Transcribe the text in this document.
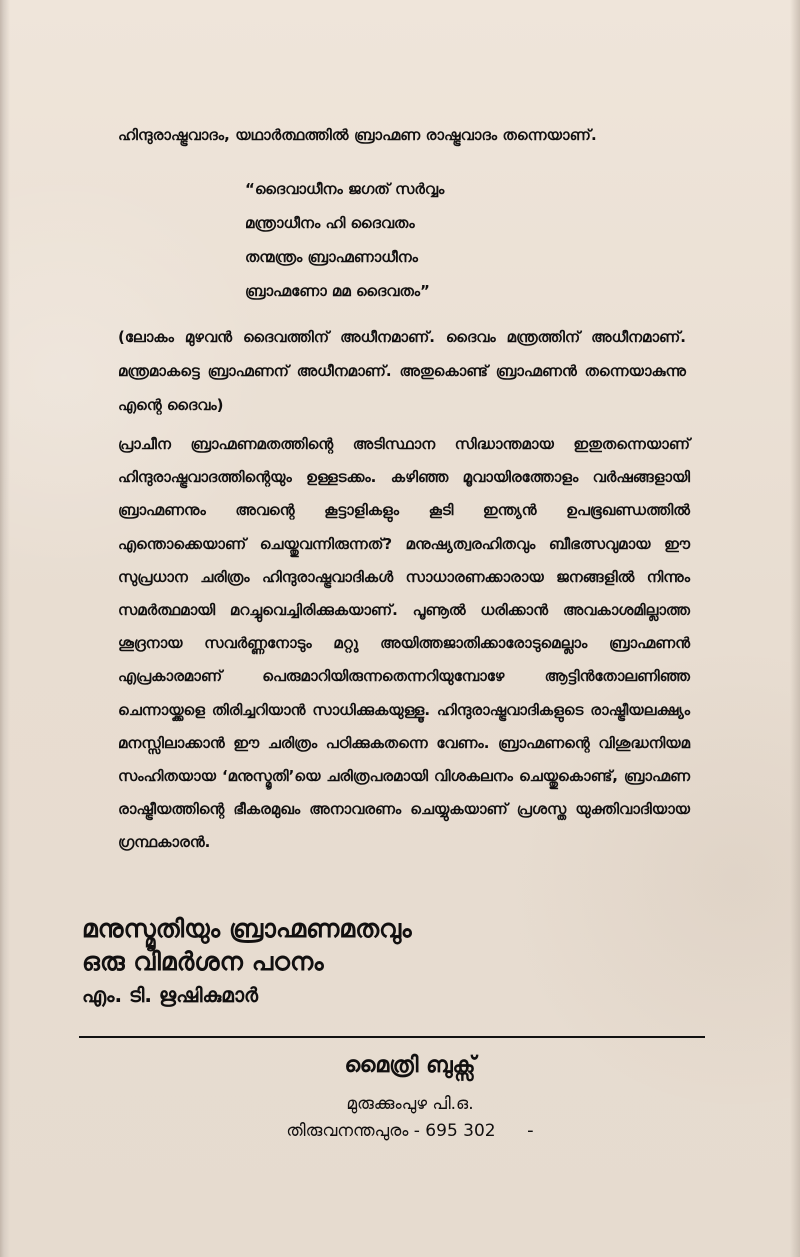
ഹിന്ദുരാഷ്ട്രവാദം, യഥാർത്ഥത്തിൽ ബ്രാഹ്മണ രാഷ്ട്രവാദം തന്നെയാണ്.
“ദൈവാധീനം ജഗത് സർവ്വം
മന്ത്രാധീനം ഹി ദൈവതം
തന്മന്ത്രം ബ്രാഹ്മണാധീനം
ബ്രാഹ്മണോ മമ ദൈവതം”
(ലോകം മുഴവൻ ദൈവത്തിന് അധീനമാണ്. ദൈവം മന്ത്രത്തിന് അധീനമാണ്. മന്ത്രമാകട്ടെ ബ്രാഹ്മണന് അധീനമാണ്. അതുകൊണ്ട് ബ്രാഹ്മണൻ തന്നെയാകുന്നു എന്റെ ദൈവം)
പ്രാചീന ബ്രാഹ്മണമതത്തിന്റെ അടിസ്ഥാന സിദ്ധാന്തമായ ഇതുതന്നെയാണ് ഹിന്ദുരാഷ്ട്രവാദത്തിന്റെയും ഉള്ളടക്കം. കഴിഞ്ഞ മൂവായിരത്തോളം വർഷങ്ങളായി ബ്രാഹ്മണനും അവന്റെ കൂട്ടാളികളും കൂടി ഇന്ത്യൻ ഉപഭൂഖണ്ഡത്തിൽ എന്തൊക്കെയാണ് ചെയ്തുവന്നിരുന്നത്? മനുഷ്യത്വരഹിതവും ബീഭത്സവുമായ ഈ സുപ്രധാന ചരിത്രം ഹിന്ദുരാഷ്ട്രവാദികൾ സാധാരണക്കാരായ ജനങ്ങളിൽ നിന്നും സമർത്ഥമായി മറച്ചുവെച്ചിരിക്കുകയാണ്. പൂണൂൽ ധരിക്കാൻ അവകാശമില്ലാത്ത ശൂദ്രനായ സവർണ്ണനോടും മറ്റു അയിത്തജാതിക്കാരോടുമെല്ലാം ബ്രാഹ്മണൻ എപ്രകാരമാണ് പെരുമാറിയിരുന്നതെന്നറിയുമ്പോഴേ ആട്ടിൻതോലണിഞ്ഞ ചെന്നായ്ക്കളെ തിരിച്ചറിയാൻ സാധിക്കുകയുള്ളൂ. ഹിന്ദുരാഷ്ട്രവാദികളുടെ രാഷ്ട്രീയലക്ഷ്യം മനസ്സിലാക്കാൻ ഈ ചരിത്രം പഠിക്കുകതന്നെ വേണം. ബ്രാഹ്മണന്റെ വിശുദ്ധനിയമ സംഹിതയായ ‘മനുസ്മൃതി’യെ ചരിത്രപരമായി വിശകലനം ചെയ്തുകൊണ്ട്, ബ്രാഹ്മണ രാഷ്ട്രീയത്തിന്റെ ഭീകരമുഖം അനാവരണം ചെയ്യുകയാണ് പ്രശസ്ത യുക്തിവാദിയായ ഗ്രന്ഥകാരൻ.
മനുസ്മൃതിയും ബ്രാഹ്മണമതവും
ഒരു വിമർശന പഠനം
എം. ടി. ഋഷികുമാർ
മൈത്രി ബുക്സ്
മുരുക്കുംപുഴ പി.ഒ.
തിരുവനന്തപുരം - 695 302 -
